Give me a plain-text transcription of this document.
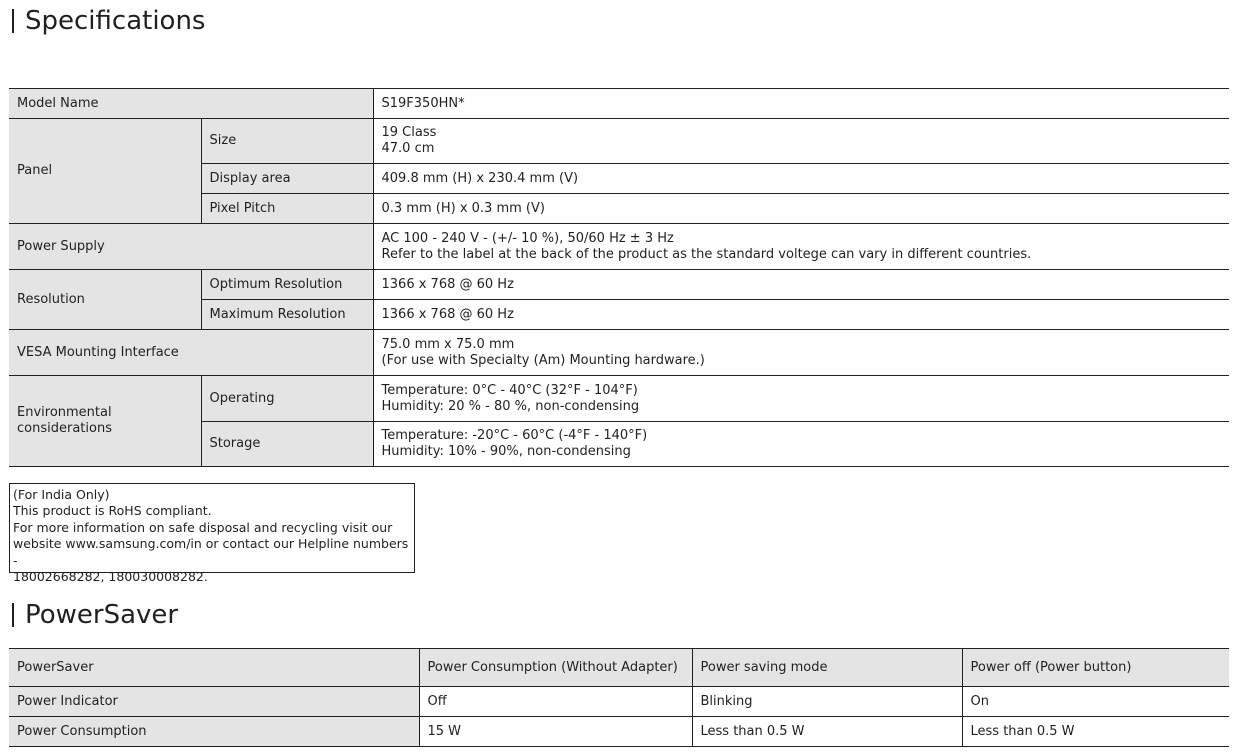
Specifications
Model Name		S19F350HN*
Panel	Size	19 Class
47.0 cm
	Display area	409.8 mm (H) x 230.4 mm (V)
	Pixel Pitch	0.3 mm (H) x 0.3 mm (V)
Power Supply		AC 100 - 240 V - (+/- 10 %), 50/60 Hz ± 3 Hz
Refer to the label at the back of the product as the standard voltege can vary in different countries.
Resolution	Optimum Resolution	1366 x 768 @ 60 Hz
	Maximum Resolution	1366 x 768 @ 60 Hz
VESA Mounting Interface		75.0 mm x 75.0 mm
(For use with Specialty (Am) Mounting hardware.)
Environmental considerations	Operating	Temperature: 0°C - 40°C (32°F - 104°F)
Humidity: 20 % - 80 %, non-condensing
	Storage	Temperature: -20°C - 60°C (-4°F - 140°F)
Humidity: 10% - 90%, non-condensing
(For India Only)
This product is RoHS compliant.
For more information on safe disposal and recycling visit our
website www.samsung.com/in or contact our Helpline numbers -
18002668282, 180030008282.
PowerSaver
PowerSaver	Power Consumption (Without Adapter)	Power saving mode	Power off (Power button)
Power Indicator	Off	Blinking	On
Power Consumption	15 W	Less than 0.5 W	Less than 0.5 W
